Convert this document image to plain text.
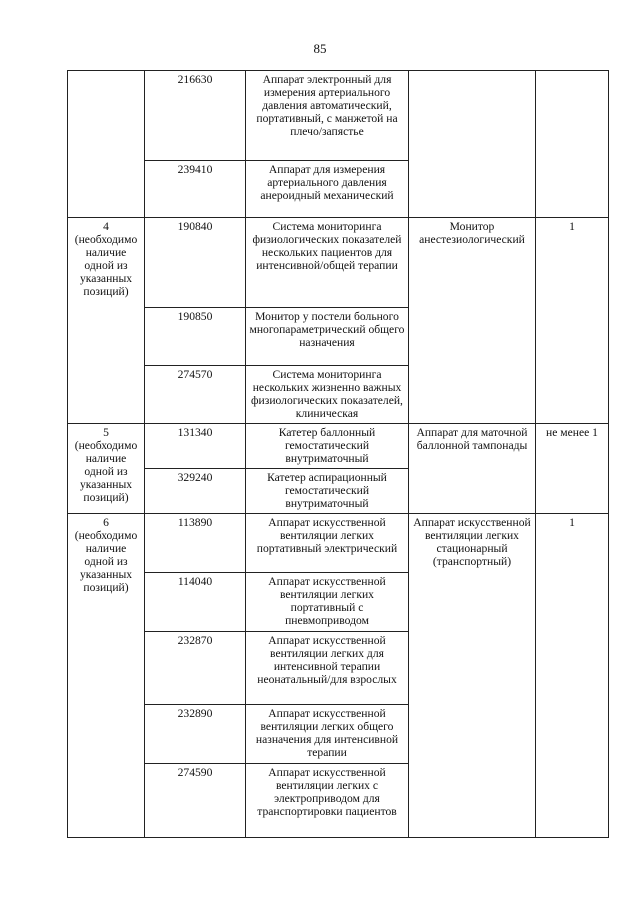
85
	216630	Аппарат электронный для измерения артериального давления автоматический, портативный, с манжетой на плечо/запястье		
	239410	Аппарат для измерения артериального давления анероидный механический		
4 (необходимо наличие одной из указанных позиций)	190840	Система мониторинга физиологических показателей нескольких пациентов для интенсивной/общей терапии	Монитор анестезиологический	1
	190850	Монитор у постели больного многопараметрический общего назначения		
	274570	Система мониторинга нескольких жизненно важных физиологических показателей, клиническая		
5 (необходимо наличие одной из указанных позиций)	131340	Катетер баллонный гемостатический внутриматочный	Аппарат для маточной баллонной тампонады	не менее 1
	329240	Катетер аспирационный гемостатический внутриматочный		
6 (необходимо наличие одной из указанных позиций)	113890	Аппарат искусственной вентиляции легких портативный электрический	Аппарат искусственной вентиляции легких стационарный (транспортный)	1
	114040	Аппарат искусственной вентиляции легких портативный с пневмоприводом		
	232870	Аппарат искусственной вентиляции легких для интенсивной терапии неонатальный/для взрослых		
	232890	Аппарат искусственной вентиляции легких общего назначения для интенсивной терапии		
	274590	Аппарат искусственной вентиляции легких с электроприводом для транспортировки пациентов		
